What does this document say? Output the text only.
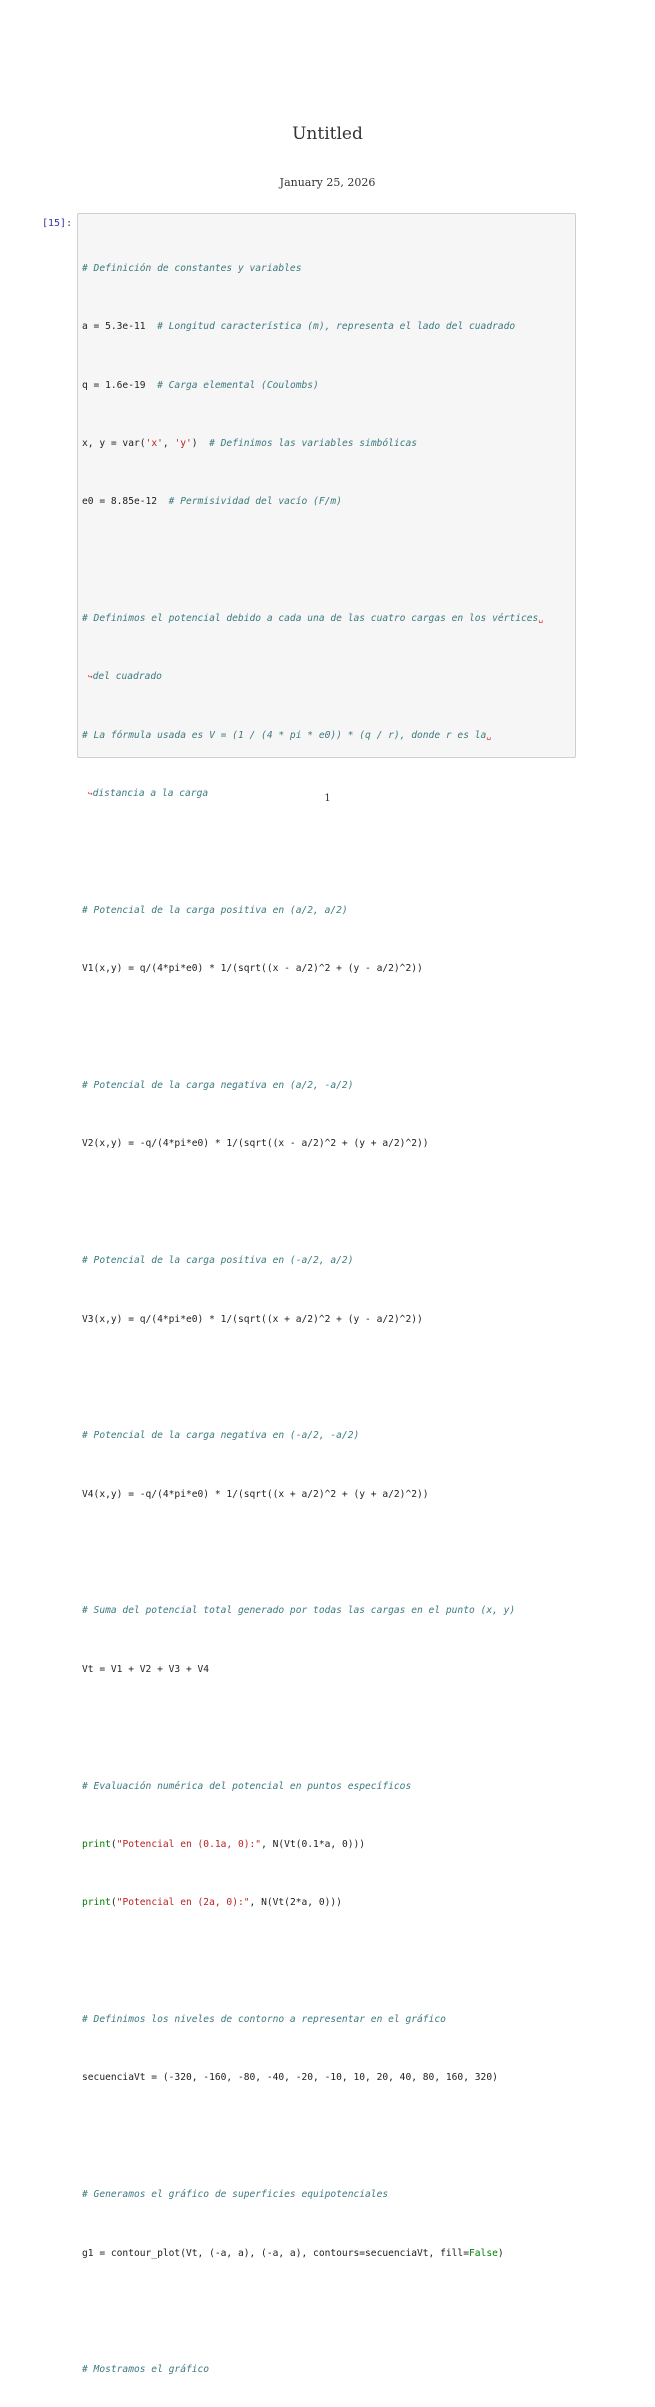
Untitled
January 25, 2026
[15]:

# Definición de constantes y variables

a = 5.3e-11  # Longitud característica (m), representa el lado del cuadrado

q = 1.6e-19  # Carga elemental (Coulombs)

x, y = var('x', 'y')  # Definimos las variables simbólicas

e0 = 8.85e-12  # Permisividad del vacío (F/m)

# Definimos el potencial debido a cada una de las cuatro cargas en los vértices␣

↪del cuadrado

# La fórmula usada es V = (1 / (4 * pi * e0)) * (q / r), donde r es la␣

↪distancia a la carga

# Potencial de la carga positiva en (a/2, a/2)

V1(x,y) = q/(4*pi*e0) * 1/(sqrt((x - a/2)^2 + (y - a/2)^2))

# Potencial de la carga negativa en (a/2, -a/2)

V2(x,y) = -q/(4*pi*e0) * 1/(sqrt((x - a/2)^2 + (y + a/2)^2))

# Potencial de la carga positiva en (-a/2, a/2)

V3(x,y) = q/(4*pi*e0) * 1/(sqrt((x + a/2)^2 + (y - a/2)^2))

# Potencial de la carga negativa en (-a/2, -a/2)

V4(x,y) = -q/(4*pi*e0) * 1/(sqrt((x + a/2)^2 + (y + a/2)^2))

# Suma del potencial total generado por todas las cargas en el punto (x, y)

Vt = V1 + V2 + V3 + V4

# Evaluación numérica del potencial en puntos específicos

print("Potencial en (0.1a, 0):", N(Vt(0.1*a, 0)))

print("Potencial en (2a, 0):", N(Vt(2*a, 0)))

# Definimos los niveles de contorno a representar en el gráfico

secuenciaVt = (-320, -160, -80, -40, -20, -10, 10, 20, 40, 80, 160, 320)

# Generamos el gráfico de superficies equipotenciales

g1 = contour_plot(Vt, (-a, a), (-a, a), contours=secuenciaVt, fill=False)

# Mostramos el gráfico

1
